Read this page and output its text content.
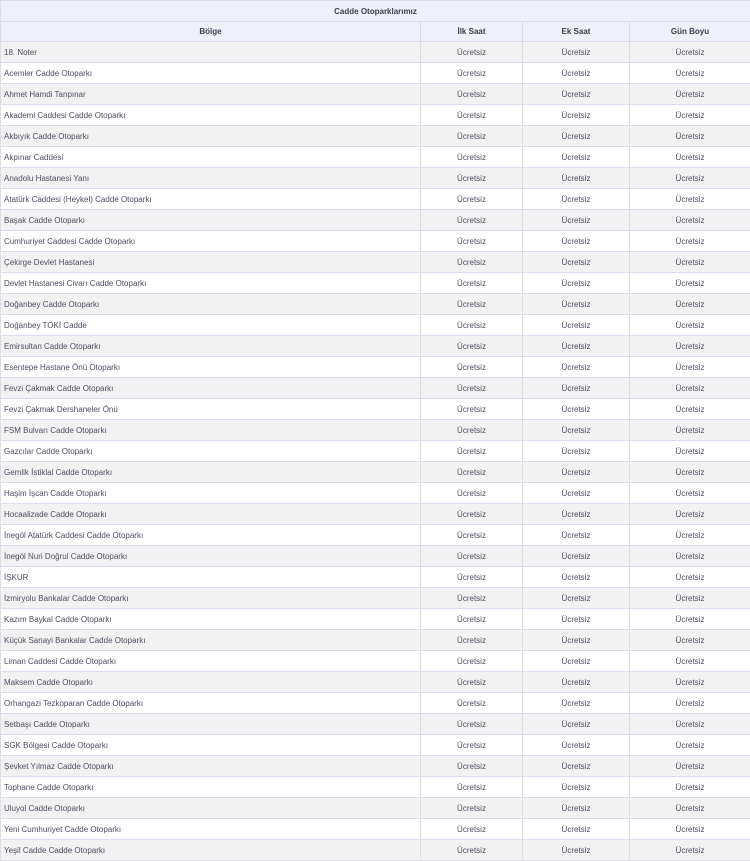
Cadde Otoparklarımız			
Bölge	İlk Saat	Ek Saat	Gün Boyu
18. Noter	Ücretsiz	Ücretsiz	Ücretsiz
Acemler Cadde Otoparkı	Ücretsiz	Ücretsiz	Ücretsiz
Ahmet Hamdi Tanpınar	Ücretsiz	Ücretsiz	Ücretsiz
Akademi Caddesi Cadde Otoparkı	Ücretsiz	Ücretsiz	Ücretsiz
Akbıyık Cadde Otoparkı	Ücretsiz	Ücretsiz	Ücretsiz
Akpınar Caddesi	Ücretsiz	Ücretsiz	Ücretsiz
Anadolu Hastanesi Yanı	Ücretsiz	Ücretsiz	Ücretsiz
Atatürk Caddesi (Heykel) Cadde Otoparkı	Ücretsiz	Ücretsiz	Ücretsiz
Başak Cadde Otoparkı	Ücretsiz	Ücretsiz	Ücretsiz
Cumhuriyet Caddesi Cadde Otoparkı	Ücretsiz	Ücretsiz	Ücretsiz
Çekirge Devlet Hastanesi	Ücretsiz	Ücretsiz	Ücretsiz
Devlet Hastanesi Civarı Cadde Otoparkı	Ücretsiz	Ücretsiz	Ücretsiz
Doğanbey Cadde Otoparkı	Ücretsiz	Ücretsiz	Ücretsiz
Doğanbey TOKİ Cadde	Ücretsiz	Ücretsiz	Ücretsiz
Emirsultan Cadde Otoparkı	Ücretsiz	Ücretsiz	Ücretsiz
Esentepe Hastane Önü Otoparkı	Ücretsiz	Ücretsiz	Ücretsiz
Fevzi Çakmak Cadde Otoparkı	Ücretsiz	Ücretsiz	Ücretsiz
Fevzi Çakmak Dershaneler Önü	Ücretsiz	Ücretsiz	Ücretsiz
FSM Bulvarı Cadde Otoparkı	Ücretsiz	Ücretsiz	Ücretsiz
Gazcılar Cadde Otoparkı	Ücretsiz	Ücretsiz	Ücretsiz
Gemlik İstiklal Cadde Otoparkı	Ücretsiz	Ücretsiz	Ücretsiz
Haşim İşcan Cadde Otoparkı	Ücretsiz	Ücretsiz	Ücretsiz
Hocaalizade Cadde Otoparkı	Ücretsiz	Ücretsiz	Ücretsiz
İnegöl Atatürk Caddesi Cadde Otoparkı	Ücretsiz	Ücretsiz	Ücretsiz
İnegöl Nuri Doğrul Cadde Otoparkı	Ücretsiz	Ücretsiz	Ücretsiz
İŞKUR	Ücretsiz	Ücretsiz	Ücretsiz
İzmiryolu Bankalar Cadde Otoparkı	Ücretsiz	Ücretsiz	Ücretsiz
Kazım Baykal Cadde Otoparkı	Ücretsiz	Ücretsiz	Ücretsiz
Küçük Sanayi Bankalar Cadde Otoparkı	Ücretsiz	Ücretsiz	Ücretsiz
Liman Caddesi Cadde Otoparkı	Ücretsiz	Ücretsiz	Ücretsiz
Maksem Cadde Otoparkı	Ücretsiz	Ücretsiz	Ücretsiz
Orhangazi Tezkoparan Cadde Otoparkı	Ücretsiz	Ücretsiz	Ücretsiz
Setbaşı Cadde Otoparkı	Ücretsiz	Ücretsiz	Ücretsiz
SGK Bölgesi Cadde Otoparkı	Ücretsiz	Ücretsiz	Ücretsiz
Şevket Yılmaz Cadde Otoparkı	Ücretsiz	Ücretsiz	Ücretsiz
Tophane Cadde Otoparkı	Ücretsiz	Ücretsiz	Ücretsiz
Uluyol Cadde Otoparkı	Ücretsiz	Ücretsiz	Ücretsiz
Yeni Cumhuriyet Cadde Otoparkı	Ücretsiz	Ücretsiz	Ücretsiz
Yeşil Cadde Cadde Otoparkı	Ücretsiz	Ücretsiz	Ücretsiz
